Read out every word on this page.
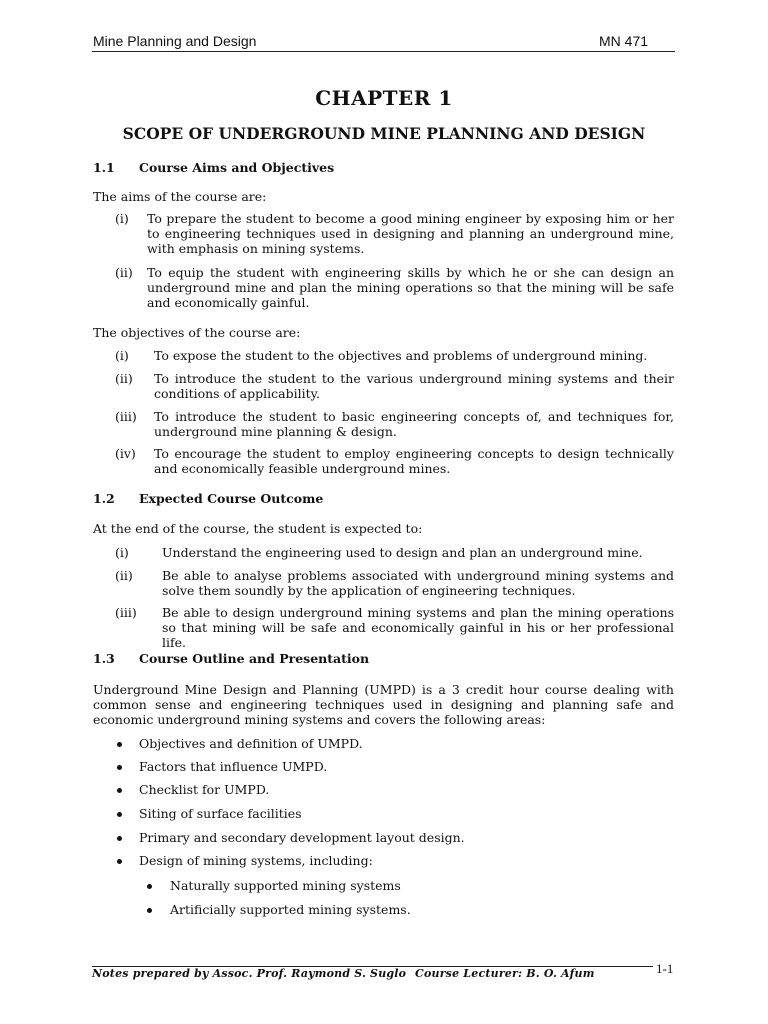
Mine Planning and Design	MN 471
CHAPTER 1
SCOPE OF UNDERGROUND MINE PLANNING AND DESIGN
1.1 Course Aims and Objectives
The aims of the course are:
(i) To prepare the student to become a good mining engineer by exposing him or her to engineering techniques used in designing and planning an underground mine, with emphasis on mining systems.
(ii) To equip the student with engineering skills by which he or she can design an underground mine and plan the mining operations so that the mining will be safe and economically gainful.
The objectives of the course are:
(i) To expose the student to the objectives and problems of underground mining.
(ii) To introduce the student to the various underground mining systems and their conditions of applicability.
(iii) To introduce the student to basic engineering concepts of, and techniques for, underground mine planning & design.
(iv) To encourage the student to employ engineering concepts to design technically and economically feasible underground mines.
1.2 Expected Course Outcome
At the end of the course, the student is expected to:
(i)	Understand the engineering used to design and plan an underground mine.
(ii) Be able to analyse problems associated with underground mining systems and solve them soundly by the application of engineering techniques.
(iii) Be able to design underground mining systems and plan the mining operations so that mining will be safe and economically gainful in his or her professional life.
1.3 Course Outline and Presentation
Underground Mine Design and Planning (UMPD) is a 3 credit hour course dealing with common sense and engineering techniques used in designing and planning safe and economic underground mining systems and covers the following areas:
Objectives and definition of UMPD.
Factors that influence UMPD.
Checklist for UMPD.
Siting of surface facilities
Primary and secondary development layout design.
Design of mining systems, including:
Naturally supported mining systems
Artificially supported mining systems.
Notes prepared by Assoc. Prof. Raymond S. Suglo Course Lecturer: B. O. Afum	1-1
